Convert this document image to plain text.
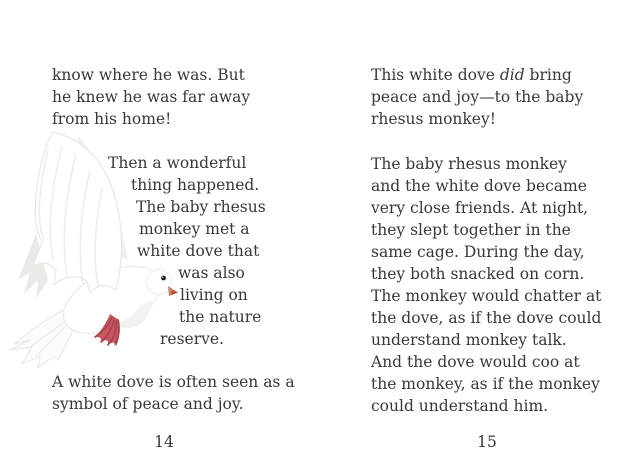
know where he was. But
he knew he was far away
from his home!
Then a wonderful
thing happened.
The baby rhesus
monkey met a
white dove that
was also
living on
the nature
reserve.
A white dove is often seen as a
symbol of peace and joy.
14
This white dove did bring
peace and joy—to the baby
rhesus monkey!
The baby rhesus monkey
and the white dove became
very close friends. At night,
they slept together in the
same cage. During the day,
they both snacked on corn.
The monkey would chatter at
the dove, as if the dove could
understand monkey talk.
And the dove would coo at
the monkey, as if the monkey
could understand him.
15
